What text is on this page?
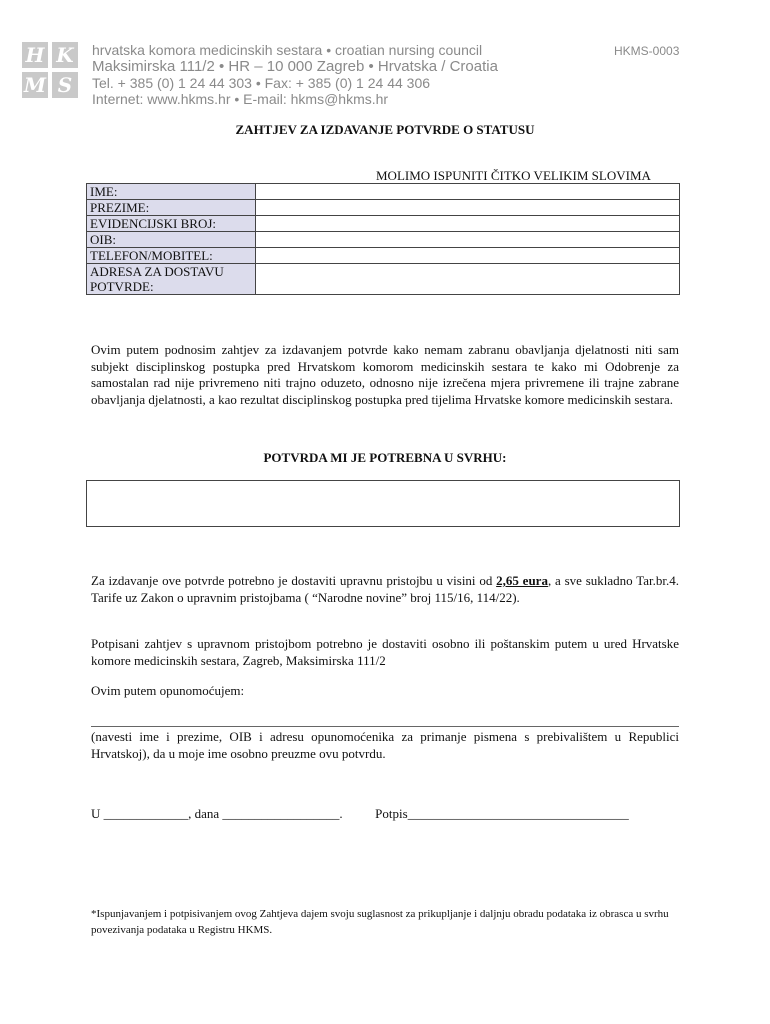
H K
M S
hrvatska komora medicinskih sestara • croatian nursing council
Maksimirska 111/2 • HR – 10 000 Zagreb • Hrvatska / Croatia
Tel. + 385 (0) 1 24 44 303 • Fax: + 385 (0) 1 24 44 306
Internet: www.hkms.hr • E-mail: hkms@hkms.hr
HKMS-0003
ZAHTJEV ZA IZDAVANJE POTVRDE O STATUSU
MOLIMO ISPUNITI ČITKO VELIKIM SLOVIMA
IME:	
PREZIME:	
EVIDENCIJSKI BROJ:	
OIB:	
TELEFON/MOBITEL:	
ADRESA ZA DOSTAVU POTVRDE:	
Ovim putem podnosim zahtjev za izdavanjem potvrde kako nemam zabranu obavljanja djelatnosti niti sam subjekt disciplinskog postupka pred Hrvatskom komorom medicinskih sestara te kako mi Odobrenje za samostalan rad nije privremeno niti trajno oduzeto, odnosno nije izrečena mjera privremene ili trajne zabrane obavljanja djelatnosti, a kao rezultat disciplinskog postupka pred tijelima Hrvatske komore medicinskih sestara.
POTVRDA MI JE POTREBNA U SVRHU:
Za izdavanje ove potvrde potrebno je dostaviti upravnu pristojbu u visini od 2,65 eura, a sve sukladno Tar.br.4. Tarife uz Zakon o upravnim pristojbama ( “Narodne novine” broj 115/16, 114/22).
Potpisani zahtjev s upravnom pristojbom potrebno je dostaviti osobno ili poštanskim putem u ured Hrvatske komore medicinskih sestara, Zagreb, Maksimirska 111/2
Ovim putem opunomoćujem:
(navesti ime i prezime, OIB i adresu opunomoćenika za primanje pismena s prebivalištem u Republici Hrvatskoj), da u moje ime osobno preuzme ovu potvrdu.
U _____________, dana __________________.          Potpis__________________________________
*Ispunjavanjem i potpisivanjem ovog Zahtjeva dajem svoju suglasnost za prikupljanje i daljnju obradu podataka iz obrasca u svrhu povezivanja podataka u Registru HKMS.
